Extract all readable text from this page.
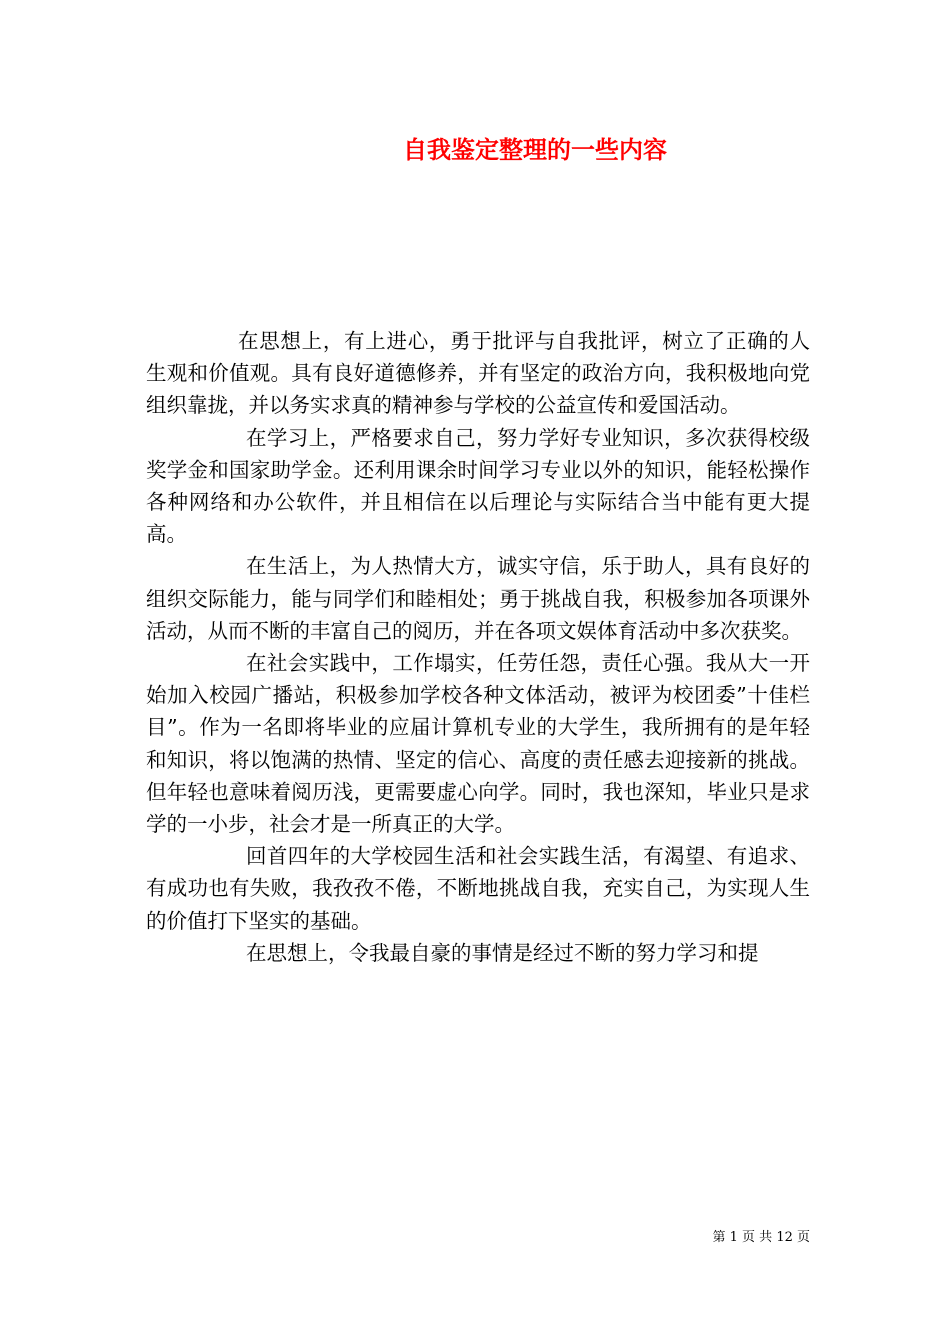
自我鉴定整理的一些内容

在思想上，有上进心，勇于批评与自我批评，树立了正确的人生观和价值观。具有良好道德修养，并有坚定的政治方向，我积极地向党组织靠拢，并以务实求真的精神参与学校的公益宣传和爱国活动。

在学习上，严格要求自己，努力学好专业知识，多次获得校级奖学金和国家助学金。还利用课余时间学习专业以外的知识，能轻松操作各种网络和办公软件，并且相信在以后理论与实际结合当中能有更大提高。

在生活上，为人热情大方，诚实守信，乐于助人，具有良好的组织交际能力，能与同学们和睦相处；勇于挑战自我，积极参加各项课外活动，从而不断的丰富自己的阅历，并在各项文娱体育活动中多次获奖。

在社会实践中，工作塌实，任劳任怨，责任心强。我从大一开始加入校园广播站，积极参加学校各种文体活动，被评为校团委”十佳栏目”。作为一名即将毕业的应届计算机专业的大学生，我所拥有的是年轻和知识，将以饱满的热情、坚定的信心、高度的责任感去迎接新的挑战。但年轻也意味着阅历浅，更需要虚心向学。同时，我也深知，毕业只是求学的一小步，社会才是一所真正的大学。

回首四年的大学校园生活和社会实践生活，有渴望、有追求、有成功也有失败，我孜孜不倦，不断地挑战自我，充实自己，为实现人生的价值打下坚实的基础。

在思想上，令我最自豪的事情是经过不断的努力学习和提

第 1 页 共 12 页
